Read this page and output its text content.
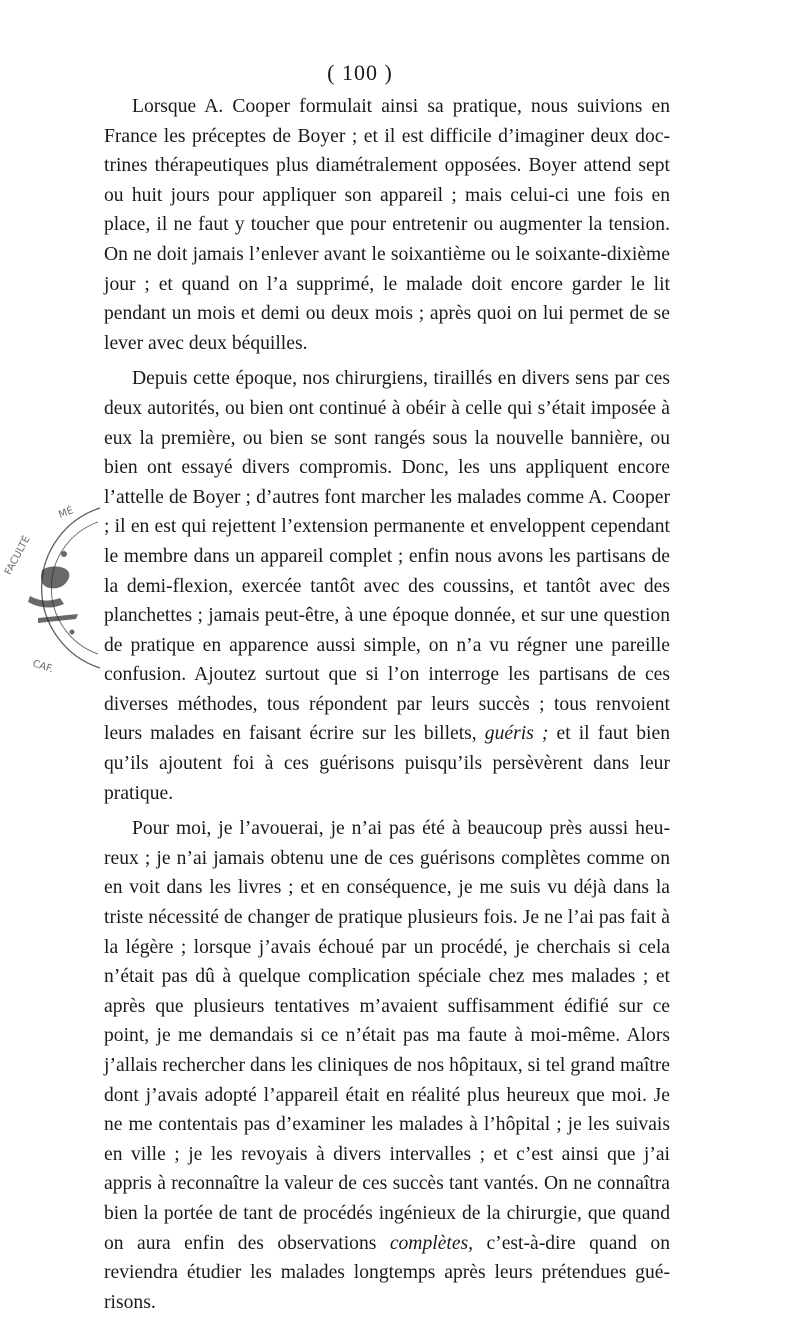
( 100 )

Lorsque A. Cooper formulait ainsi sa pratique, nous suivions en France les préceptes de Boyer ; et il est difficile d’imaginer deux doctrines thérapeutiques plus diamétralement opposées. Boyer attend sept ou huit jours pour appliquer son appareil ; mais celui-ci une fois en place, il ne faut y toucher que pour entretenir ou augmenter la tension. On ne doit jamais l’enlever avant le soixantième ou le soixante-dixième jour ; et quand on l’a supprimé, le malade doit encore garder le lit pendant un mois et demi ou deux mois ; après quoi on lui permet de se lever avec deux béquilles.

Depuis cette époque, nos chirurgiens, tiraillés en divers sens par ces deux autorités, ou bien ont continué à obéir à celle qui s’était imposée à eux la première, ou bien se sont rangés sous la nouvelle bannière, ou bien ont essayé divers compromis. Donc, les uns appliquent encore l’attelle de Boyer ; d’autres font marcher les malades comme A. Cooper ; il en est qui rejettent l’extension permanente et enveloppent cependant le membre dans un appareil complet ; enfin nous avons les partisans de la demi-flexion, exercée tantôt avec des coussins, et tantôt avec des planchettes ; jamais peut-être, à une époque donnée, et sur une question de pratique en apparence aussi simple, on n’a vu régner une pareille confusion. Ajoutez surtout que si l’on interroge les partisans de ces diverses méthodes, tous répondent par leurs succès ; tous renvoient leurs malades en faisant écrire sur les billets, guéris ; et il faut bien qu’ils ajoutent foi à ces guérisons puisqu’ils persèvèrent dans leur pratique.

Pour moi, je l’avouerai, je n’ai pas été à beaucoup près aussi heureux ; je n’ai jamais obtenu une de ces guérisons complètes comme on en voit dans les livres ; et en conséquence, je me suis vu déjà dans la triste nécessité de changer de pratique plusieurs fois. Je ne l’ai pas fait à la légère ; lorsque j’avais échoué par un procédé, je cherchais si cela n’était pas dû à quelque complication spéciale chez mes malades ; et après que plusieurs tentatives m’avaient suffisamment édifié sur ce point, je me demandais si ce n’était pas ma faute à moi-même. Alors j’allais rechercher dans les cliniques de nos hôpitaux, si tel grand maître dont j’avais adopté l’appareil était en réalité plus heureux que moi. Je ne me contentais pas d’examiner les malades à l’hôpital ; je les suivais en ville ; je les revoyais à divers intervalles ; et c’est ainsi que j’ai appris à reconnaître la valeur de ces succès tant vantés. On ne connaîtra bien la portée de tant de procédés ingénieux de la chirurgie, que quand on aura enfin des observations complètes, c’est-à-dire quand on reviendra étudier les malades longtemps après leurs prétendues guérisons.

FACULTÉ
MÉ
CAF.
